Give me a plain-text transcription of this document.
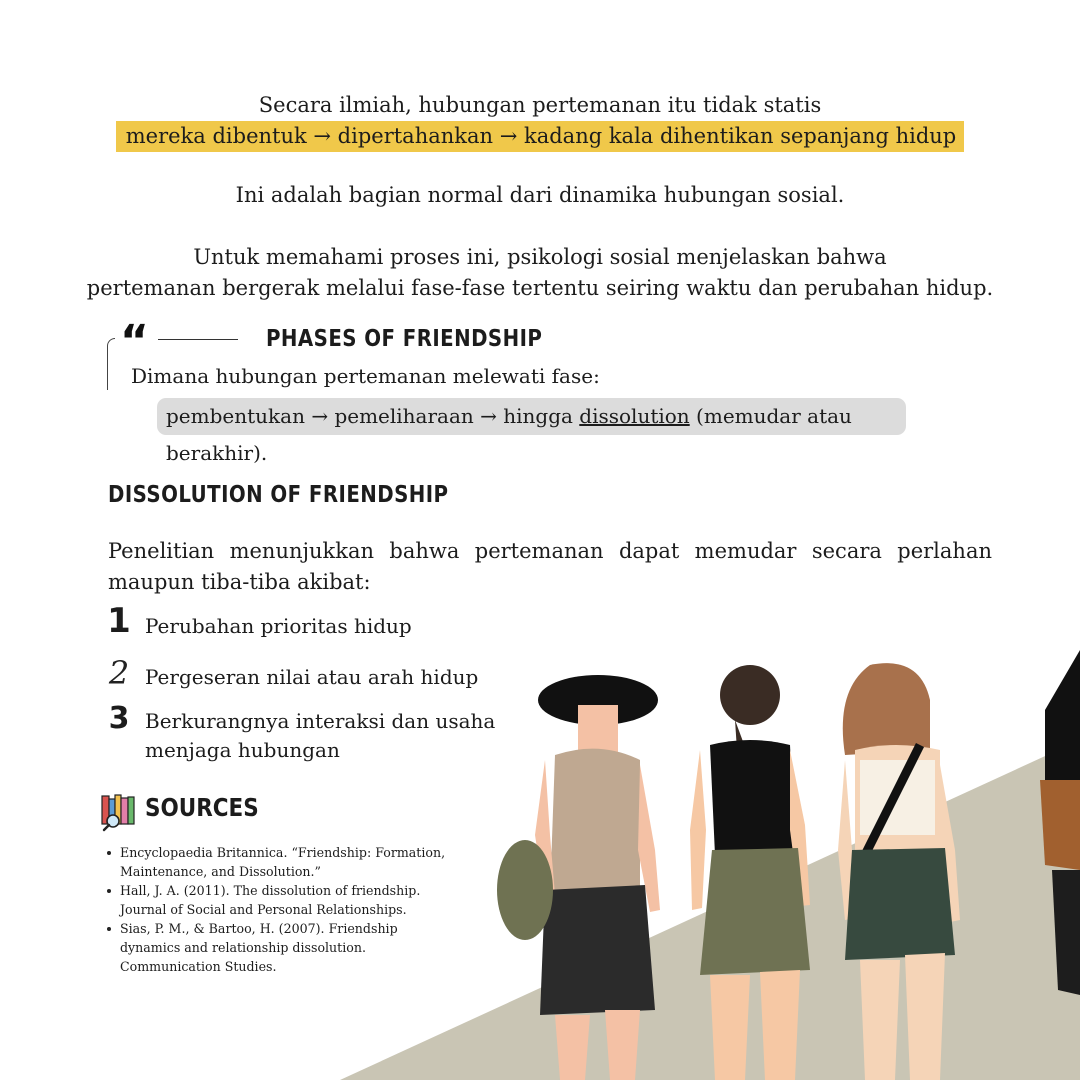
Secara ilmiah, hubungan pertemanan itu tidak statis
mereka dibentuk → dipertahankan → kadang kala dihentikan sepanjang hidup
Ini adalah bagian normal dari dinamika hubungan sosial.
Untuk memahami proses ini, psikologi sosial menjelaskan bahwa
pertemanan bergerak melalui fase-fase tertentu seiring waktu dan perubahan hidup.
“	PHASES OF FRIENDSHIP
Dimana hubungan pertemanan melewati fase:
pembentukan → pemeliharaan → hingga dissolution (memudar atau berakhir).
DISSOLUTION OF FRIENDSHIP
Penelitian menunjukkan bahwa pertemanan dapat memudar secara perlahan maupun tiba-tiba akibat:
1 Perubahan prioritas hidup
2 Pergeseran nilai atau arah hidup
3 Berkurangnya interaksi dan usaha
menjaga hubungan
SOURCES
Encyclopaedia Britannica. “Friendship: Formation, Maintenance, and Dissolution.”
Hall, J. A. (2011). The dissolution of friendship. Journal of Social and Personal Relationships.
Sias, P. M., & Bartoo, H. (2007). Friendship dynamics and relationship dissolution. Communication Studies.
